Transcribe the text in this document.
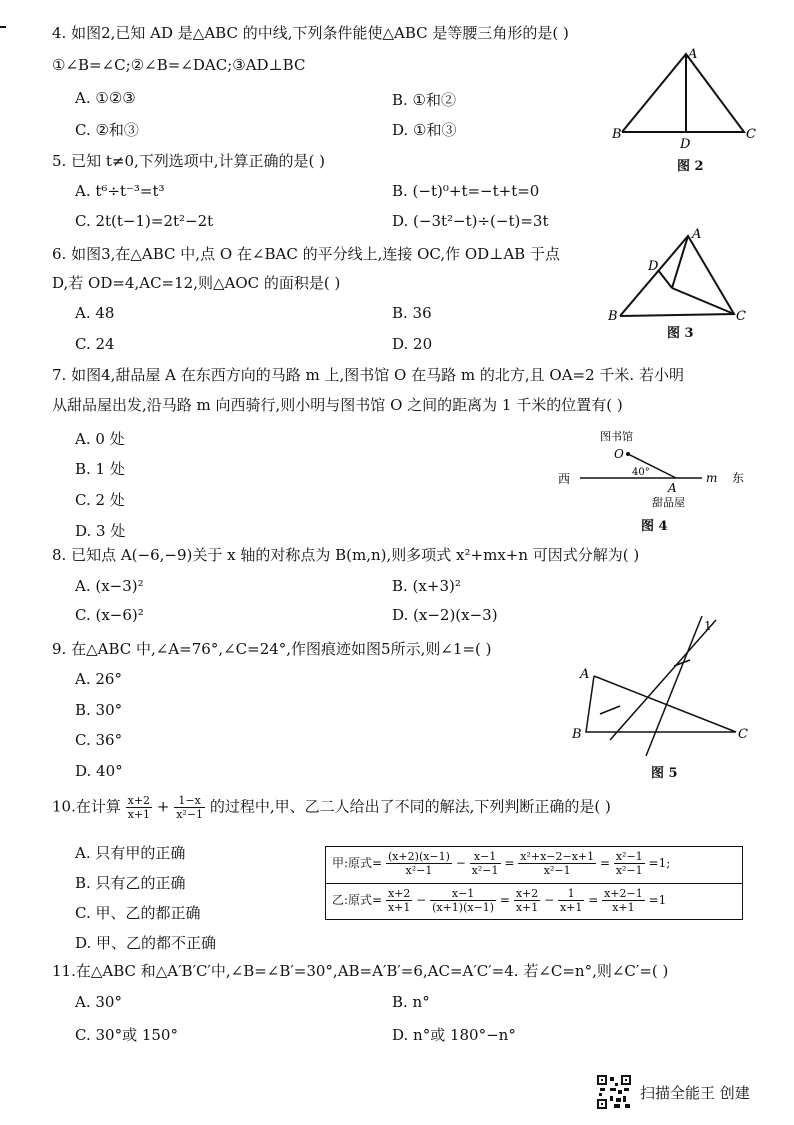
4. 如图2,已知 AD 是△ABC 的中线,下列条件能使△ABC 是等腰三角形的是( )
①∠B=∠C;②∠B=∠DAC;③AD⊥BC
A. ①②③	B. ①和②
C. ②和③	D. ①和③
A
B	C
D
图 2
5. 已知 t≠0,下列选项中,计算正确的是( )
A. t⁶÷t⁻³=t³	B. (−t)⁰+t=−t+t=0
C. 2t(t−1)=2t²−2t	D. (−3t²−t)÷(−t)=3t
6. 如图3,在△ABC 中,点 O 在∠BAC 的平分线上,连接 OC,作 OD⊥AB 于点
D,若 OD=4,AC=12,则△AOC 的面积是( )
A. 48	B. 36
C. 24	D. 20
A
B	C
D
图 3
7. 如图4,甜品屋 A 在东西方向的马路 m 上,图书馆 O 在马路 m 的北方,且 OA=2 千米. 若小明
从甜品屋出发,沿马路 m 向西骑行,则小明与图书馆 O 之间的距离为 1 千米的位置有( )
A. 0 处
B. 1 处
C. 2 处
D. 3 处
图书馆
O
40°
西	m 东
A
甜品屋
图 4
8. 已知点 A(−6,−9)关于 x 轴的对称点为 B(m,n),则多项式 x²+mx+n 可因式分解为( )
A. (x−3)²	B. (x+3)²
C. (x−6)²	D. (x−2)(x−3)
9. 在△ABC 中,∠A=76°,∠C=24°,作图痕迹如图5所示,则∠1=( )
A. 26°
B. 30°
C. 36°
D. 40°
A
B	C
1
图 5
10.在计算 $\frac{x+2}{x+1} + \frac{1-x}{\text{x²−1}}$ 的过程中,甲、乙二人给出了不同的解法,下列判断正确的是( )
A. 只有甲的正确
B. 只有乙的正确
C. 甲、乙的都正确
D. 甲、乙的都不正确
甲:原式= $\frac{(x+2)(x-1)}{\text{x²−1}} - \frac{x-1}{\text{x²−1}} = \frac{\text{x²+x−2−x+1}}{\text{x²−1}} = \frac{\text{x²−1}}{\text{x²−1}} =1$;
乙:原式= $\frac{x+2}{x+1} - \frac{x-1}{(x+1)(x-1)} = \frac{x+2}{x+1} - \frac{1}{x+1} = \frac{x+2-1}{x+1} =1$
11.在△ABC 和△A′B′C′中,∠B=∠B′=30°,AB=A′B′=6,AC=A′C′=4. 若∠C=n°,则∠C′=( )
A. 30°	B. n°
C. 30°或 150°	D. n°或 180°−n°
扫描全能王 创建
